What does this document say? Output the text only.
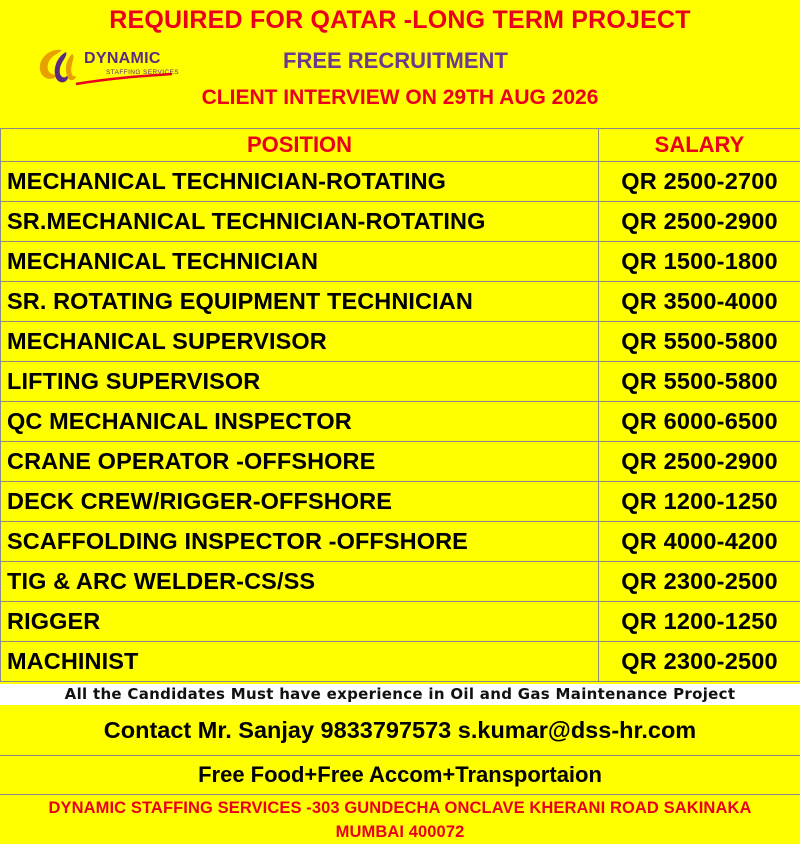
REQUIRED FOR QATAR -LONG TERM PROJECT
DYNAMIC
STAFFING SERVICES	FREE RECRUITMENT
CLIENT INTERVIEW ON 29TH AUG 2026
POSITION	SALARY
MECHANICAL TECHNICIAN-ROTATING	QR 2500-2700
SR.MECHANICAL TECHNICIAN-ROTATING	QR 2500-2900
MECHANICAL TECHNICIAN	QR 1500-1800
SR. ROTATING EQUIPMENT TECHNICIAN	QR 3500-4000
MECHANICAL SUPERVISOR	QR 5500-5800
LIFTING SUPERVISOR	QR 5500-5800
QC MECHANICAL INSPECTOR	QR 6000-6500
CRANE OPERATOR -OFFSHORE	QR 2500-2900
DECK CREW/RIGGER-OFFSHORE	QR 1200-1250
SCAFFOLDING INSPECTOR -OFFSHORE	QR 4000-4200
TIG & ARC WELDER-CS/SS	QR 2300-2500
RIGGER	QR 1200-1250
MACHINIST	QR 2300-2500
All the Candidates Must have experience in Oil and Gas Maintenance Project
Contact Mr. Sanjay 9833797573 s.kumar@dss-hr.com
Free Food+Free Accom+Transportaion
DYNAMIC STAFFING SERVICES -303 GUNDECHA ONCLAVE KHERANI ROAD SAKINAKA
MUMBAI 400072
